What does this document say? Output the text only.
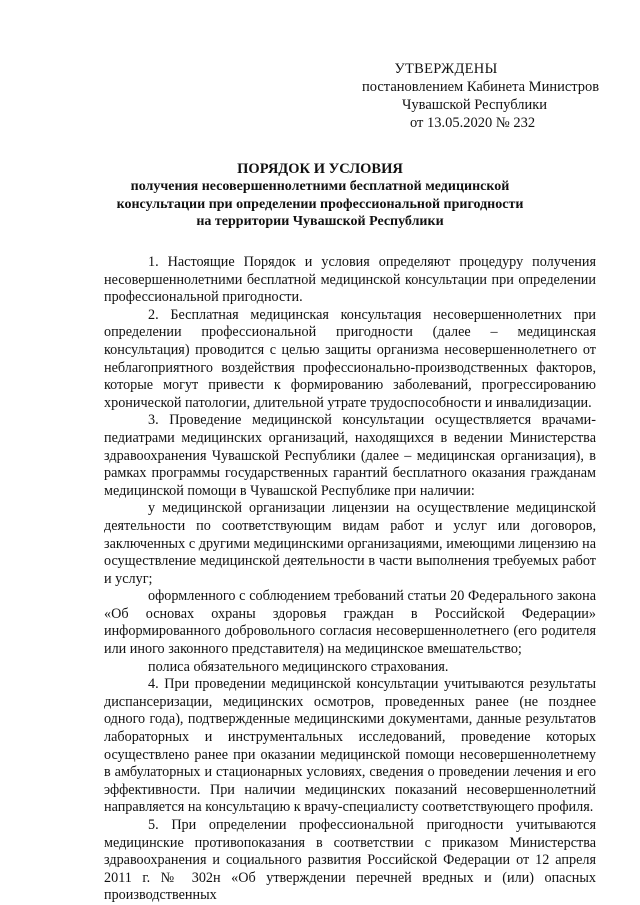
УТВЕРЖДЕНЫ
постановлением Кабинета Министров
Чувашской Республики
от 13.05.2020 № 232
ПОРЯДОК И УСЛОВИЯ
получения несовершеннолетними бесплатной медицинской
консультации при определении профессиональной пригодности
на территории Чувашской Республики

1. Настоящие Порядок и условия определяют процедуру получения несовершеннолетними бесплатной медицинской консультации при определении профессиональной пригодности.

2. Бесплатная медицинская консультация несовершеннолетних при определении профессиональной пригодности (далее – медицинская консультация) проводится с целью защиты организма несовершеннолетнего от неблагоприятного воздействия профессионально-производственных факторов, которые могут привести к формированию заболеваний, прогрессированию хронической патологии, длительной утрате трудоспособности и инвалидизации.

3. Проведение медицинской консультации осуществляется врачами-педиатрами медицинских организаций, находящихся в ведении Министерства здравоохранения Чувашской Республики (далее – медицинская организация), в рамках программы государственных гарантий бесплатного оказания гражданам медицинской помощи в Чувашской Республике при наличии:

у медицинской организации лицензии на осуществление медицинской деятельности по соответствующим видам работ и услуг или договоров, заключенных с другими медицинскими организациями, имеющими лицензию на осуществление медицинской деятельности в части выполнения требуемых работ и услуг;

оформленного с соблюдением требований статьи 20 Федерального закона «Об основах охраны здоровья граждан в Российской Федерации» информированного добровольного согласия несовершеннолетнего (его родителя или иного законного представителя) на медицинское вмешательство;

полиса обязательного медицинского страхования.

4. При проведении медицинской консультации учитываются результаты диспансеризации, медицинских осмотров, проведенных ранее (не позднее одного года), подтвержденные медицинскими документами, данные результатов лабораторных и инструментальных исследований, проведение которых осуществлено ранее при оказании медицинской помощи несовершеннолетнему в амбулаторных и стационарных условиях, сведения о проведении лечения и его эффективности. При наличии медицинских показаний несовершеннолетний направляется на консультацию к врачу-специалисту соответствующего профиля.

5. При определении профессиональной пригодности учитываются медицинские противопоказания в соответствии с приказом Министерства здравоохранения и социального развития Российской Федерации от 12 апреля 2011 г. № 302н «Об утверждении перечней вредных и (или) опасных производственных
